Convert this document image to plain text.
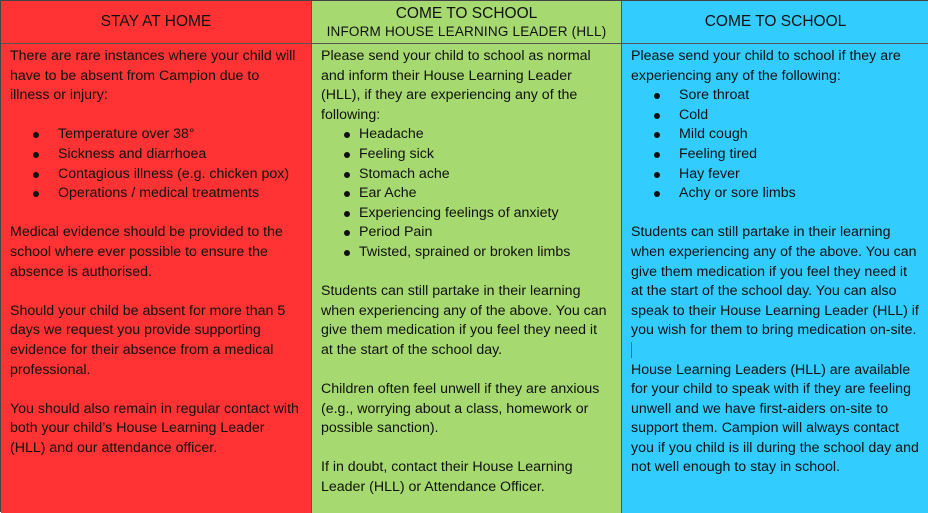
STAY AT HOME	COME TO SCHOOL
INFORM HOUSE LEARNING LEADER (HLL)
COME TO SCHOOL

There are rare instances where your child will have to be absent from Campion due to illness or injury:

Temperature over 38°
Sickness and diarrhoea
Contagious illness (e.g. chicken pox)
Operations / medical treatments

Medical evidence should be provided to the school where ever possible to ensure the absence is authorised.

Should your child be absent for more than 5 days we request you provide supporting evidence for their absence from a medical professional.

You should also remain in regular contact with both your child’s House Learning Leader (HLL) and our attendance officer.

Please send your child to school as normal and inform their House Learning Leader (HLL), if they are experiencing any of the following:

Headache
Feeling sick
Stomach ache
Ear Ache
Experiencing feelings of anxiety
Period Pain
Twisted, sprained or broken limbs

Students can still partake in their learning when experiencing any of the above. You can give them medication if you feel they need it at the start of the school day.

Children often feel unwell if they are anxious (e.g., worrying about a class, homework or possible sanction).

If in doubt, contact their House Learning Leader (HLL) or Attendance Officer.

Please send your child to school if they are experiencing any of the following:

Sore throat
Cold
Mild cough
Feeling tired
Hay fever
Achy or sore limbs

Students can still partake in their learning when experiencing any of the above. You can give them medication if you feel they need it at the start of the school day. You can also speak to their House Learning Leader (HLL) if you wish for them to bring medication on-site.

House Learning Leaders (HLL) are available for your child to speak with if they are feeling unwell and we have first-aiders on-site to support them. Campion will always contact you if you child is ill during the school day and not well enough to stay in school.
